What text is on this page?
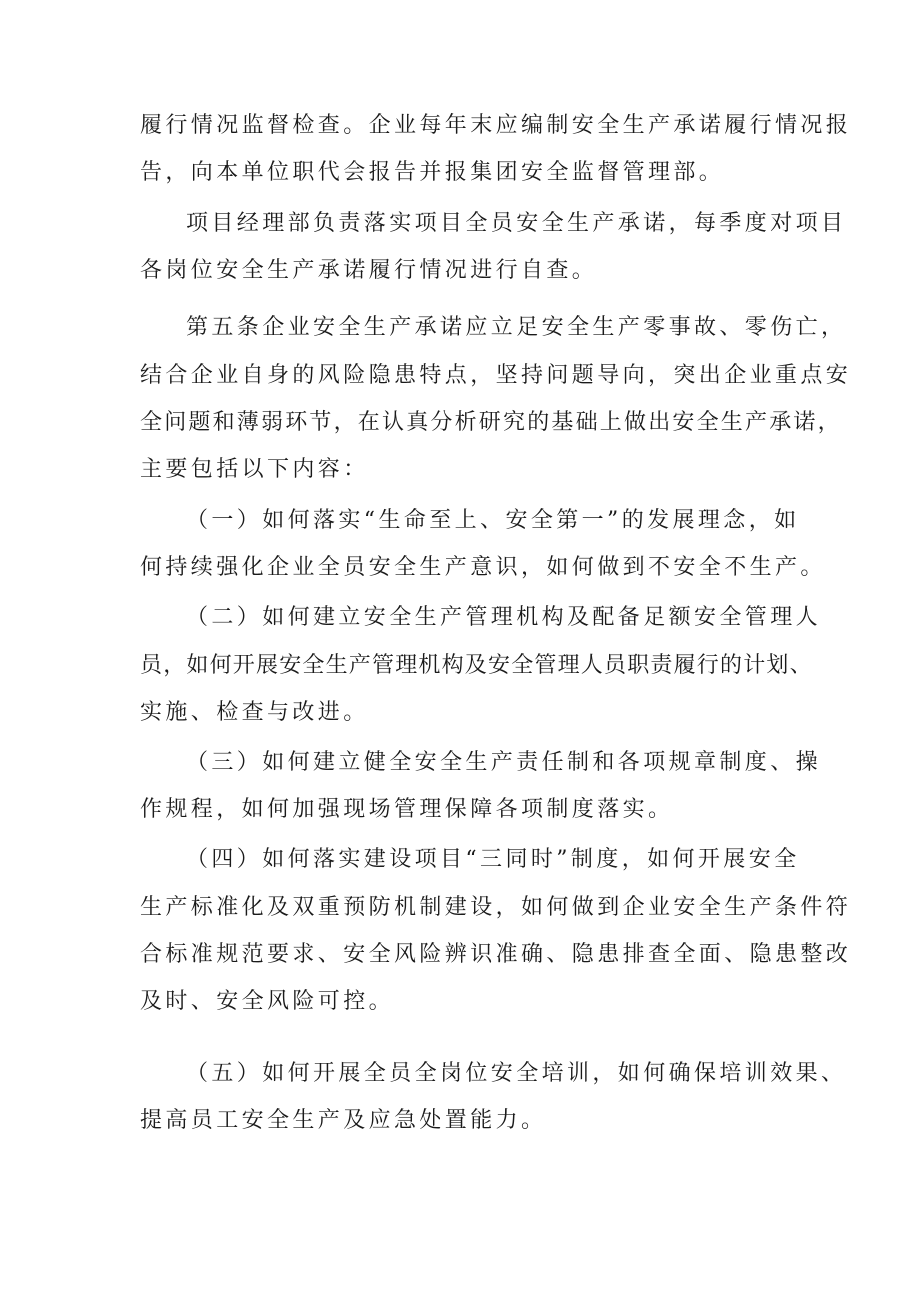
履行情况监督检查。企业每年末应编制安全生产承诺履行情况报

告，向本单位职代会报告并报集团安全监督管理部。

项目经理部负责落实项目全员安全生产承诺，每季度对项目

各岗位安全生产承诺履行情况进行自查。

第五条企业安全生产承诺应立足安全生产零事故、零伤亡，

结合企业自身的风险隐患特点，坚持问题导向，突出企业重点安

全问题和薄弱环节，在认真分析研究的基础上做出安全生产承诺，

主要包括以下内容：

（一）如何落实“生命至上、安全第一”的发展理念，如

何持续强化企业全员安全生产意识，如何做到不安全不生产。

（二）如何建立安全生产管理机构及配备足额安全管理人

员，如何开展安全生产管理机构及安全管理人员职责履行的计划、

实施、检查与改进。

（三）如何建立健全安全生产责任制和各项规章制度、操

作规程，如何加强现场管理保障各项制度落实。

（四）如何落实建设项目“三同时”制度，如何开展安全

生产标准化及双重预防机制建设，如何做到企业安全生产条件符

合标准规范要求、安全风险辨识准确、隐患排查全面、隐患整改

及时、安全风险可控。

（五）如何开展全员全岗位安全培训，如何确保培训效果、

提高员工安全生产及应急处置能力。
